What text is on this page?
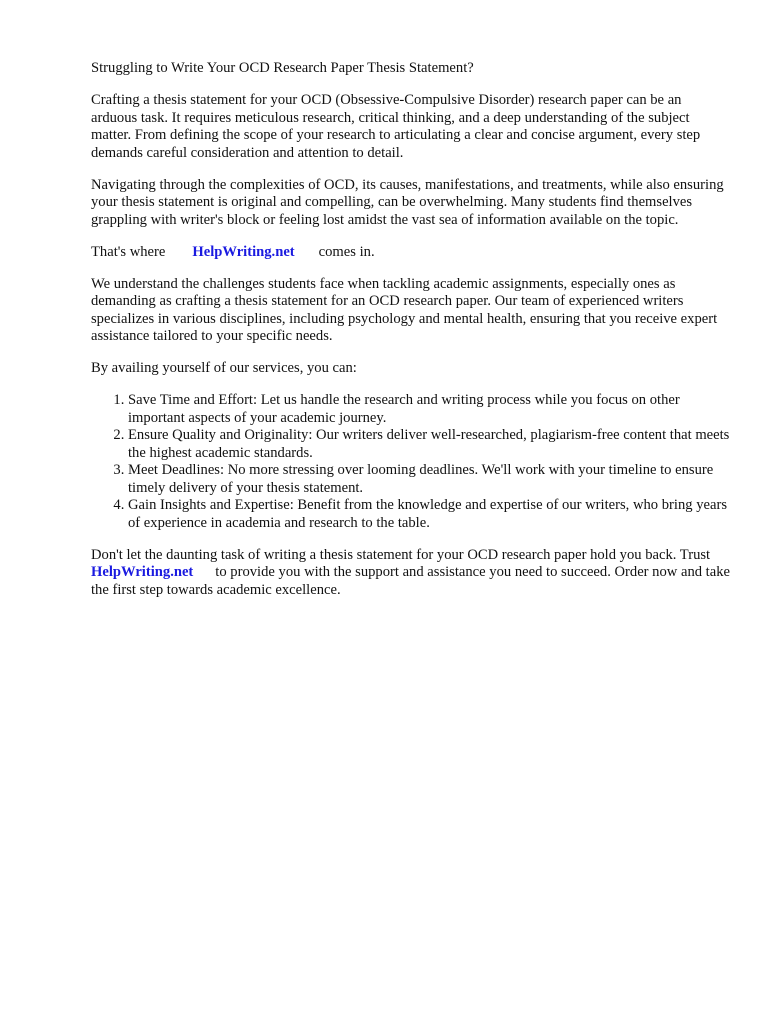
Struggling to Write Your OCD Research Paper Thesis Statement?

Crafting a thesis statement for your OCD (Obsessive-Compulsive Disorder) research paper can be an arduous task. It requires meticulous research, critical thinking, and a deep understanding of the subject matter. From defining the scope of your research to articulating a clear and concise argument, every step demands careful consideration and attention to detail.

Navigating through the complexities of OCD, its causes, manifestations, and treatments, while also ensuring your thesis statement is original and compelling, can be overwhelming. Many students find themselves grappling with writer's block or feeling lost amidst the vast sea of information available on the topic.

That's where HelpWriting.net comes in.

We understand the challenges students face when tackling academic assignments, especially ones as demanding as crafting a thesis statement for an OCD research paper. Our team of experienced writers specializes in various disciplines, including psychology and mental health, ensuring that you receive expert assistance tailored to your specific needs.

By availing yourself of our services, you can:

1. Save Time and Effort: Let us handle the research and writing process while you focus on other important aspects of your academic journey.
2. Ensure Quality and Originality: Our writers deliver well-researched, plagiarism-free content that meets the highest academic standards.
3. Meet Deadlines: No more stressing over looming deadlines. We'll work with your timeline to ensure timely delivery of your thesis statement.
4. Gain Insights and Expertise: Benefit from the knowledge and expertise of our writers, who bring years of experience in academia and research to the table.

Don't let the daunting task of writing a thesis statement for your OCD research paper hold you back. TrustHelpWriting.net to provide you with the support and assistance you need to succeed. Order now and take the first step towards academic excellence.
